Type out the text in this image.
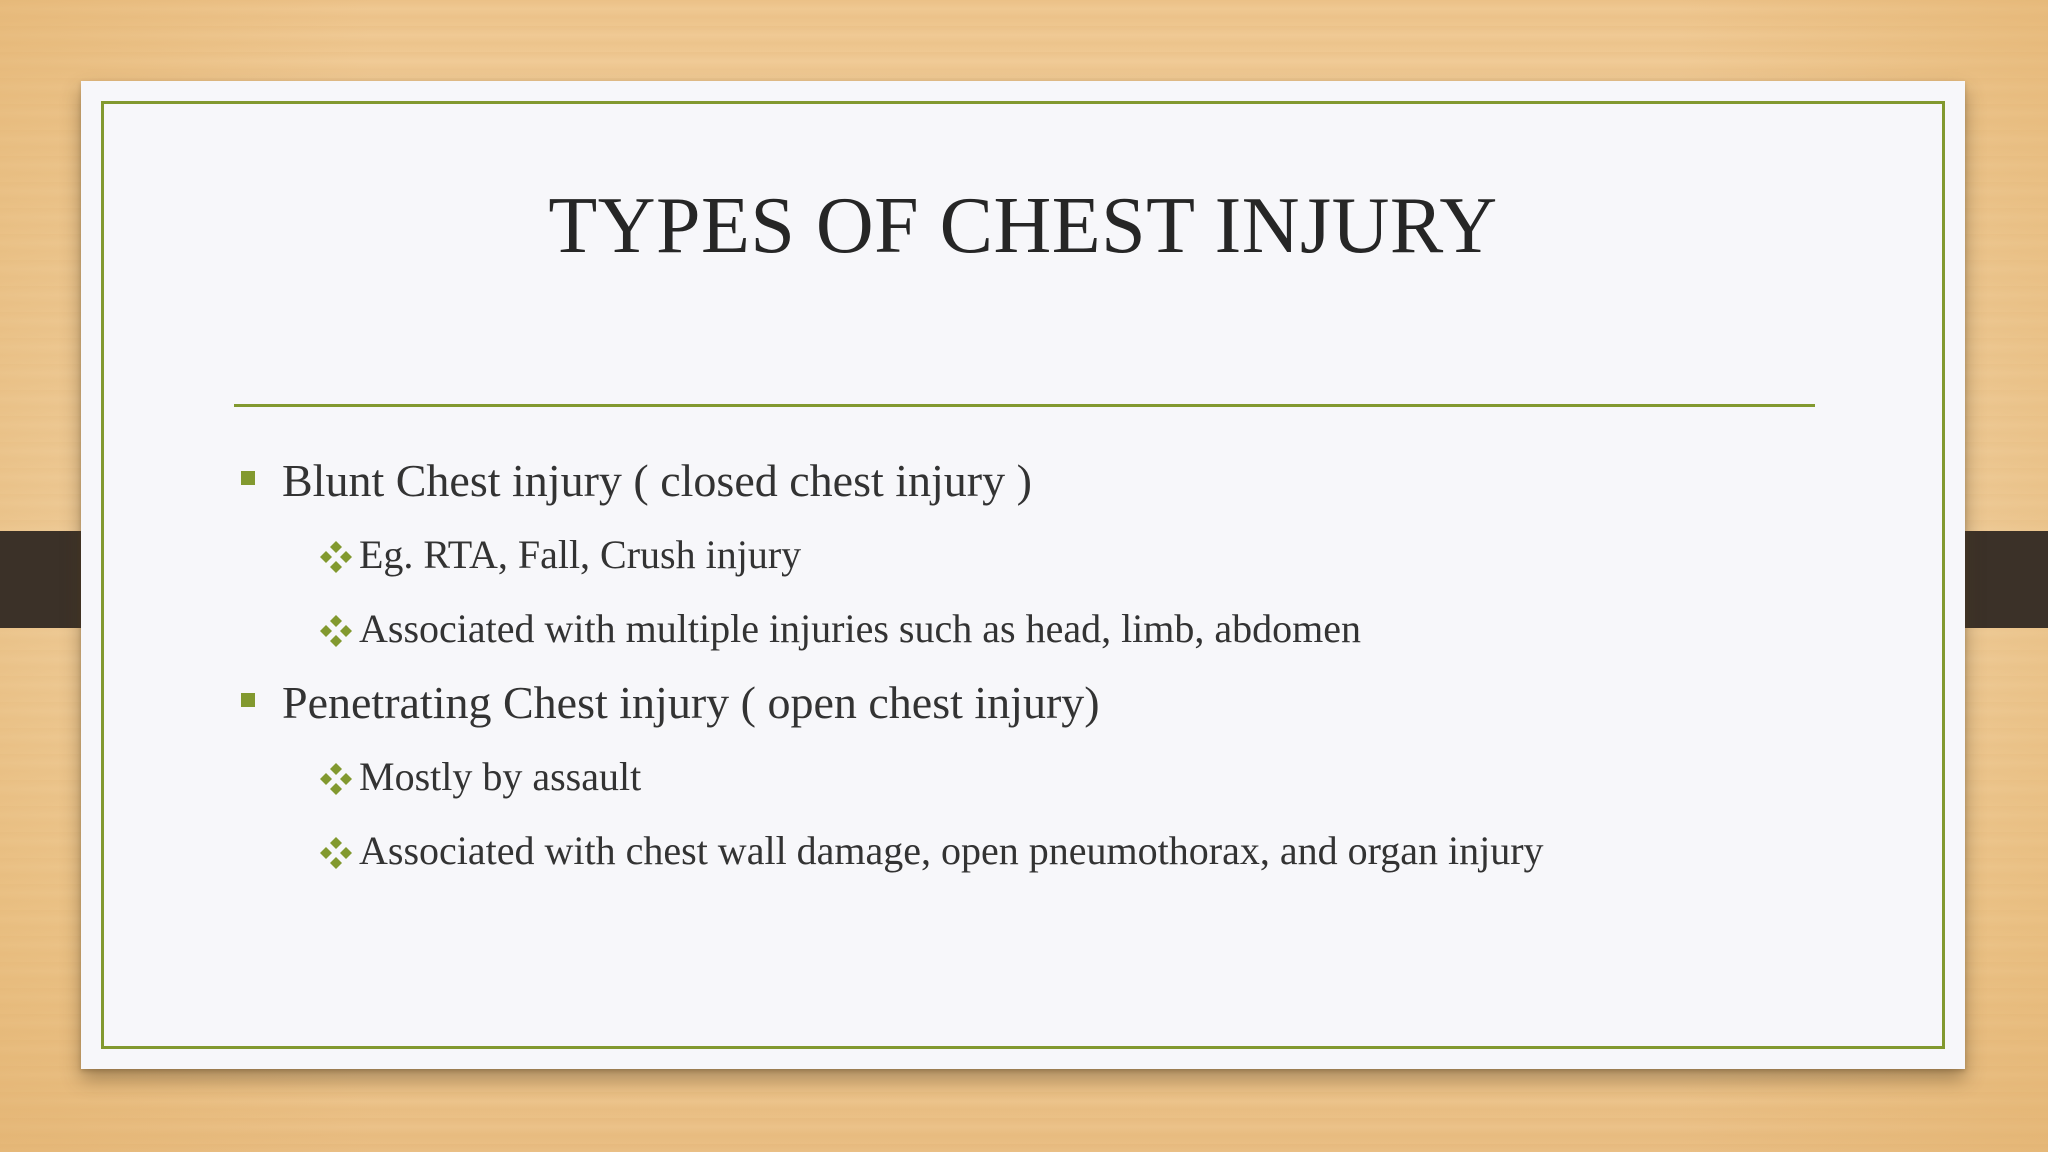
TYPES OF CHEST INJURY
Blunt Chest injury ( closed chest injury )
Eg. RTA, Fall, Crush injury
Associated with multiple injuries such as head, limb, abdomen
Penetrating Chest injury ( open chest injury)
Mostly by assault
Associated with chest wall damage, open pneumothorax, and organ injury
